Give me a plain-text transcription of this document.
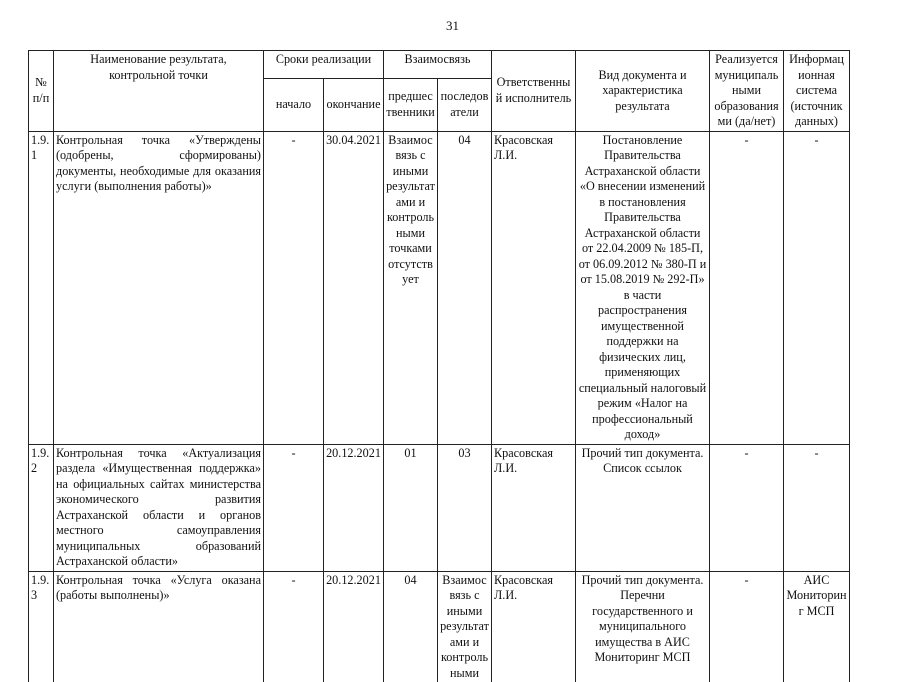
31
№ п/п	Наименование результата, контрольной точки	Сроки реализации		Взаимосвязь		Ответственный исполнитель	Вид документа и характеристика результата	Реализуется муниципальными образованиями (да/нет)	Информационная система (источник данных)
		начало	окончание	предшественники	последователи				
1.9.1	Контрольная точка «Утверждены (одобрены, сформированы) документы, необходимые для оказания услуги (выполнения работы)»	-	30.04.2021	Взаимосвязь с иными результатами и контрольными точками отсутствует	04	Красовская Л.И.	Постановление Правительства Астраханской области «О внесении изменений в постановления Правительства Астраханской области от 22.04.2009 № 185-П, от 06.09.2012 № 380-П и от 15.08.2019 № 292-П» в части распространения имущественной поддержки на физических лиц, применяющих специальный налоговый режим «Налог на профессиональный доход»	-	-
1.9.2	Контрольная точка «Актуализация раздела «Имущественная поддержка» на официальных сайтах министерства экономического развития Астраханской области и органов местного самоуправления муниципальных образований Астраханской области»	-	20.12.2021	01	03	Красовская Л.И.	Прочий тип документа. Список ссылок	-	-
1.9.3	Контрольная точка «Услуга оказана (работы выполнены)»	-	20.12.2021	04	Взаимосвязь с иными результатами и контрольными	Красовская Л.И.	Прочий тип документа. Перечни государственного и муниципального имущества в АИС Мониторинг МСП	-	АИС Мониторинг МСП
